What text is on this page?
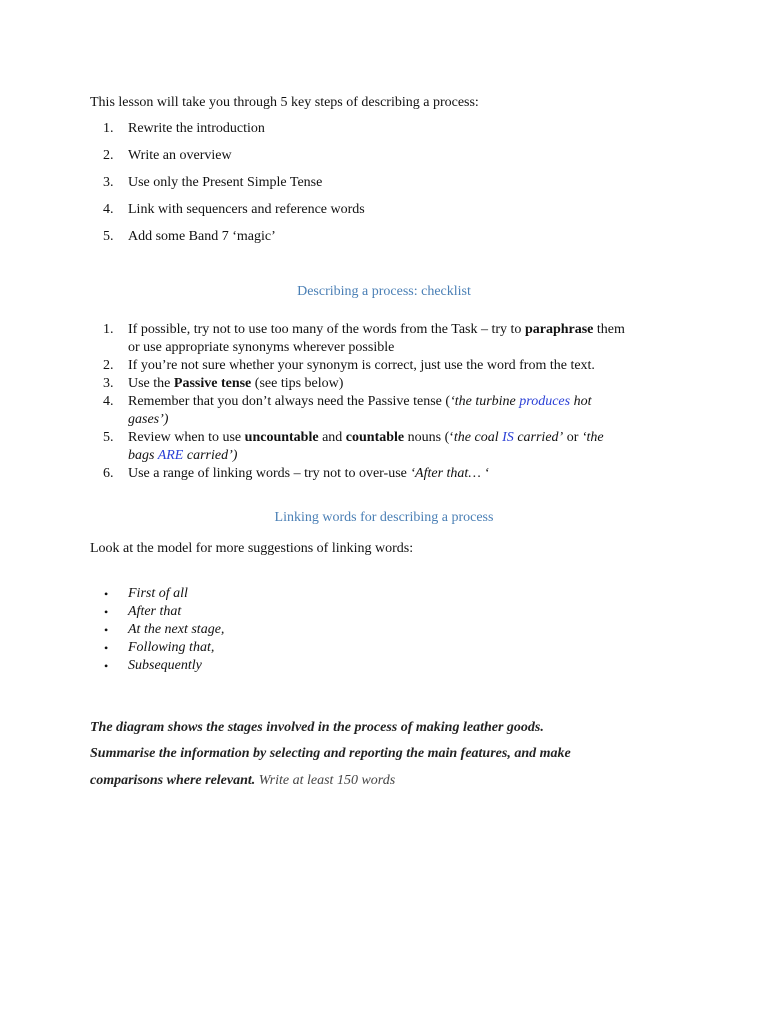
This lesson will take you through 5 key steps of describing a process:
1.	Rewrite the introduction
2.	Write an overview
3.	Use only the Present Simple Tense
4.	Link with sequencers and reference words
5.	Add some Band 7 ‘magic’
Describing a process: checklist
1.	If possible, try not to use too many of the words from the Task – try to paraphrase them
or use appropriate synonyms wherever possible
2.	If you’re not sure whether your synonym is correct, just use the word from the text.
3.	Use the Passive tense (see tips below)
4.	Remember that you don’t always need the Passive tense (‘the turbine produces hot
gases’)
5.	Review when to use uncountable and countable nouns (‘the coal IS carried’ or ‘the
bags ARE carried’)
6.	Use a range of linking words – try not to over-use ‘After that… ‘
Linking words for describing a process
Look at the model for more suggestions of linking words:
• First of all
• After that
• At the next stage,
• Following that,
• Subsequently
The diagram shows the stages involved in the process of making leather goods.
Summarise the information by selecting and reporting the main features, and make
comparisons where relevant. Write at least 150 words
